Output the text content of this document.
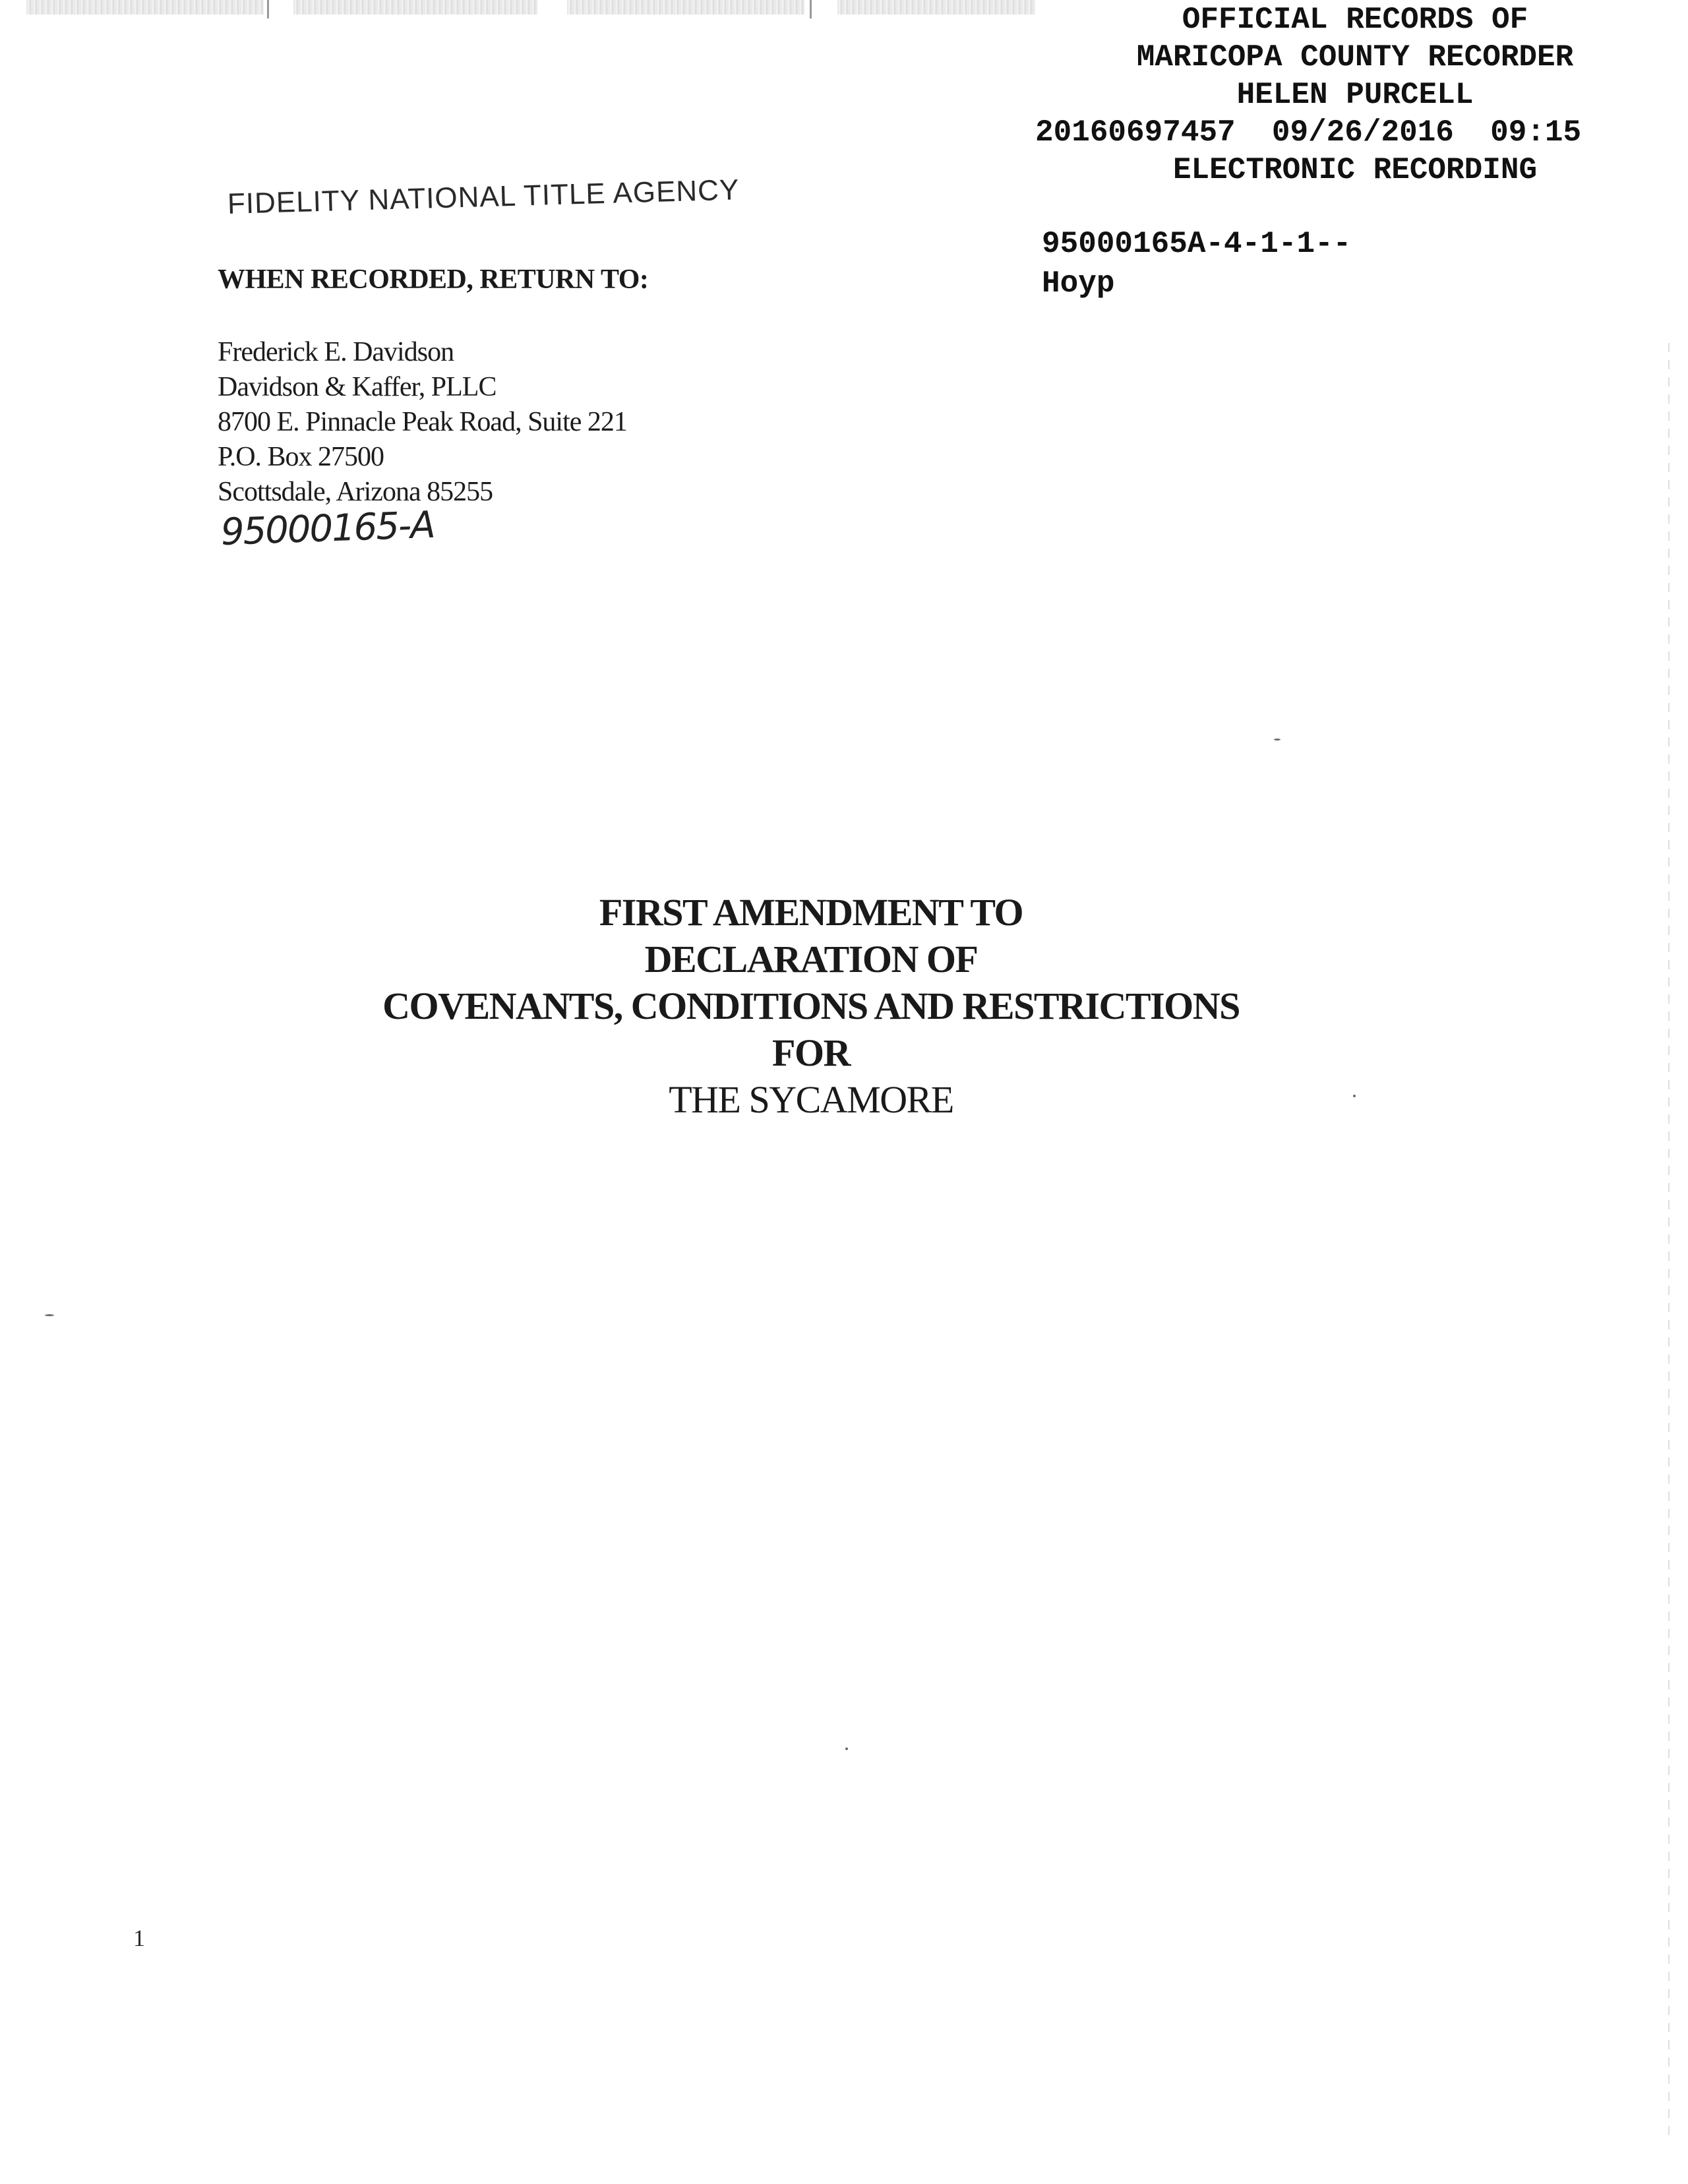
OFFICIAL RECORDS OF
MARICOPA COUNTY RECORDER
HELEN PURCELL
20160697457  09/26/2016  09:15
ELECTRONIC RECORDING
95000165A-4-1-1--
Hoyp
FIDELITY NATIONAL TITLE AGENCY
WHEN RECORDED, RETURN TO:
Frederick E. Davidson
Davidson & Kaffer, PLLC
8700 E. Pinnacle Peak Road, Suite 221
P.O. Box 27500
Scottsdale, Arizona 85255
95000165-A
FIRST AMENDMENT TO
DECLARATION OF
COVENANTS, CONDITIONS AND RESTRICTIONS
FOR
THE SYCAMORE
1
